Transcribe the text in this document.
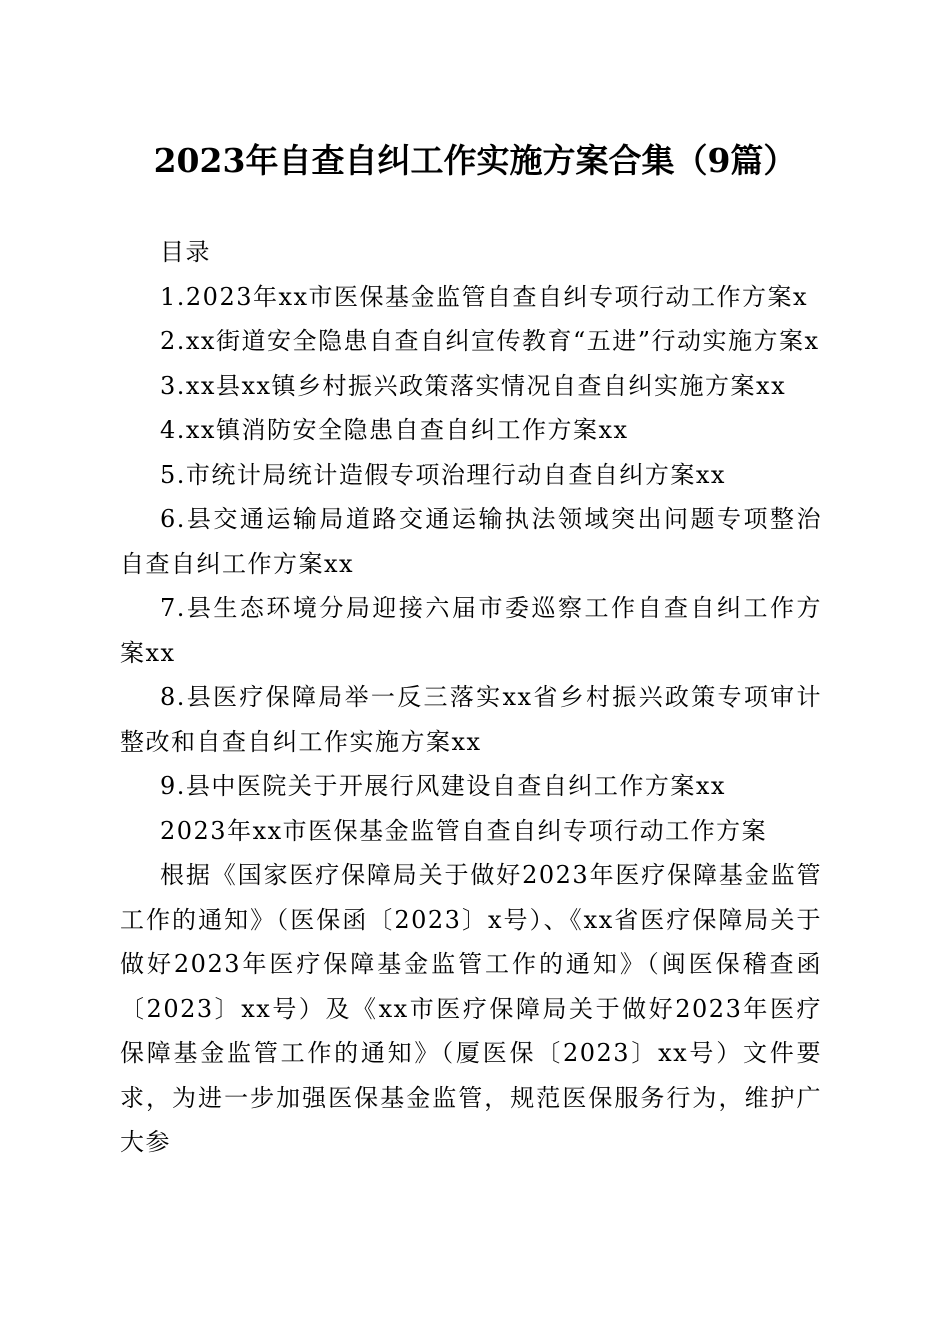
2023年自查自纠工作实施方案合集（9篇）

目录

1.2023年xx市医保基金监管自查自纠专项行动工作方案x

2.xx街道安全隐患自查自纠宣传教育“五进”行动实施方案x

3.xx县xx镇乡村振兴政策落实情况自查自纠实施方案xx

4.xx镇消防安全隐患自查自纠工作方案xx

5.市统计局统计造假专项治理行动自查自纠方案xx

6.县交通运输局道路交通运输执法领域突出问题专项整治自查自纠工作方案xx

7.县生态环境分局迎接六届市委巡察工作自查自纠工作方案xx

8.县医疗保障局举一反三落实xx省乡村振兴政策专项审计整改和自查自纠工作实施方案xx

9.县中医院关于开展行风建设自查自纠工作方案xx

2023年xx市医保基金监管自查自纠专项行动工作方案

根据《国家医疗保障局关于做好2023年医疗保障基金监管工作的通知》（医保函〔2023〕x号）、《xx省医疗保障局关于做好2023年医疗保障基金监管工作的通知》（闽医保稽查函〔2023〕xx号）及《xx市医疗保障局关于做好2023年医疗保障基金监管工作的通知》（厦医保〔2023〕xx号）文件要求，为进一步加强医保基金监管，规范医保服务行为，维护广大参
